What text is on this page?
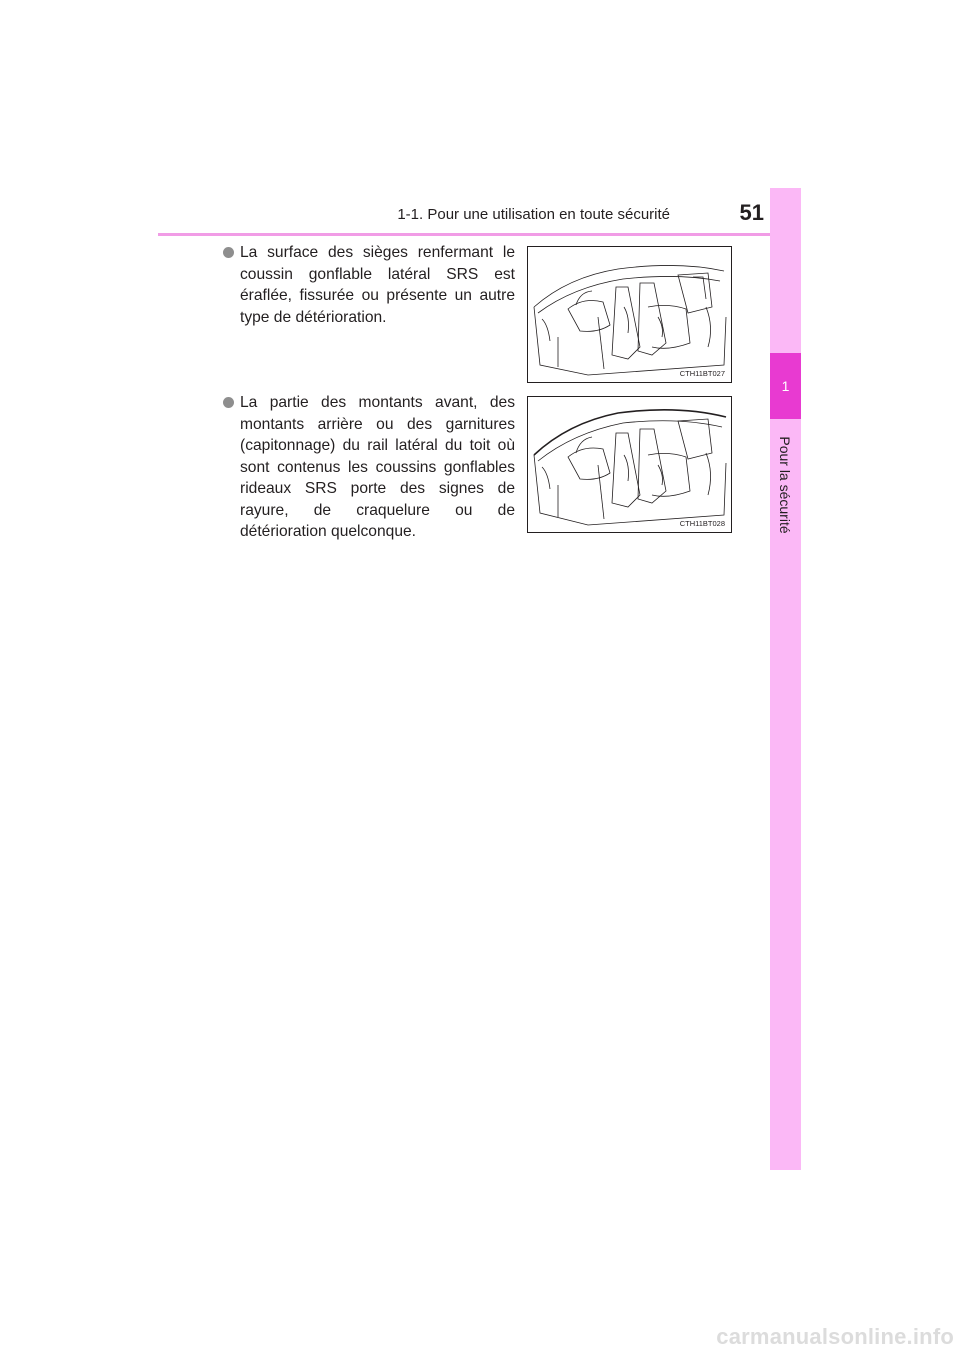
1-1. Pour une utilisation en toute sécurité	51
1
Pour la sécurité
La surface des sièges renfermant le coussin gonflable latéral SRS est éraflée, fissurée ou présente un autre type de détérioration.
CTH11BT027
La partie des montants avant, des montants arrière ou des garnitures (capitonnage) du rail latéral du toit où sont contenus les coussins gonflables rideaux SRS porte des signes de rayure, de craquelure ou de détérioration quelconque.	CTH11BT028
carmanualsonline.info
